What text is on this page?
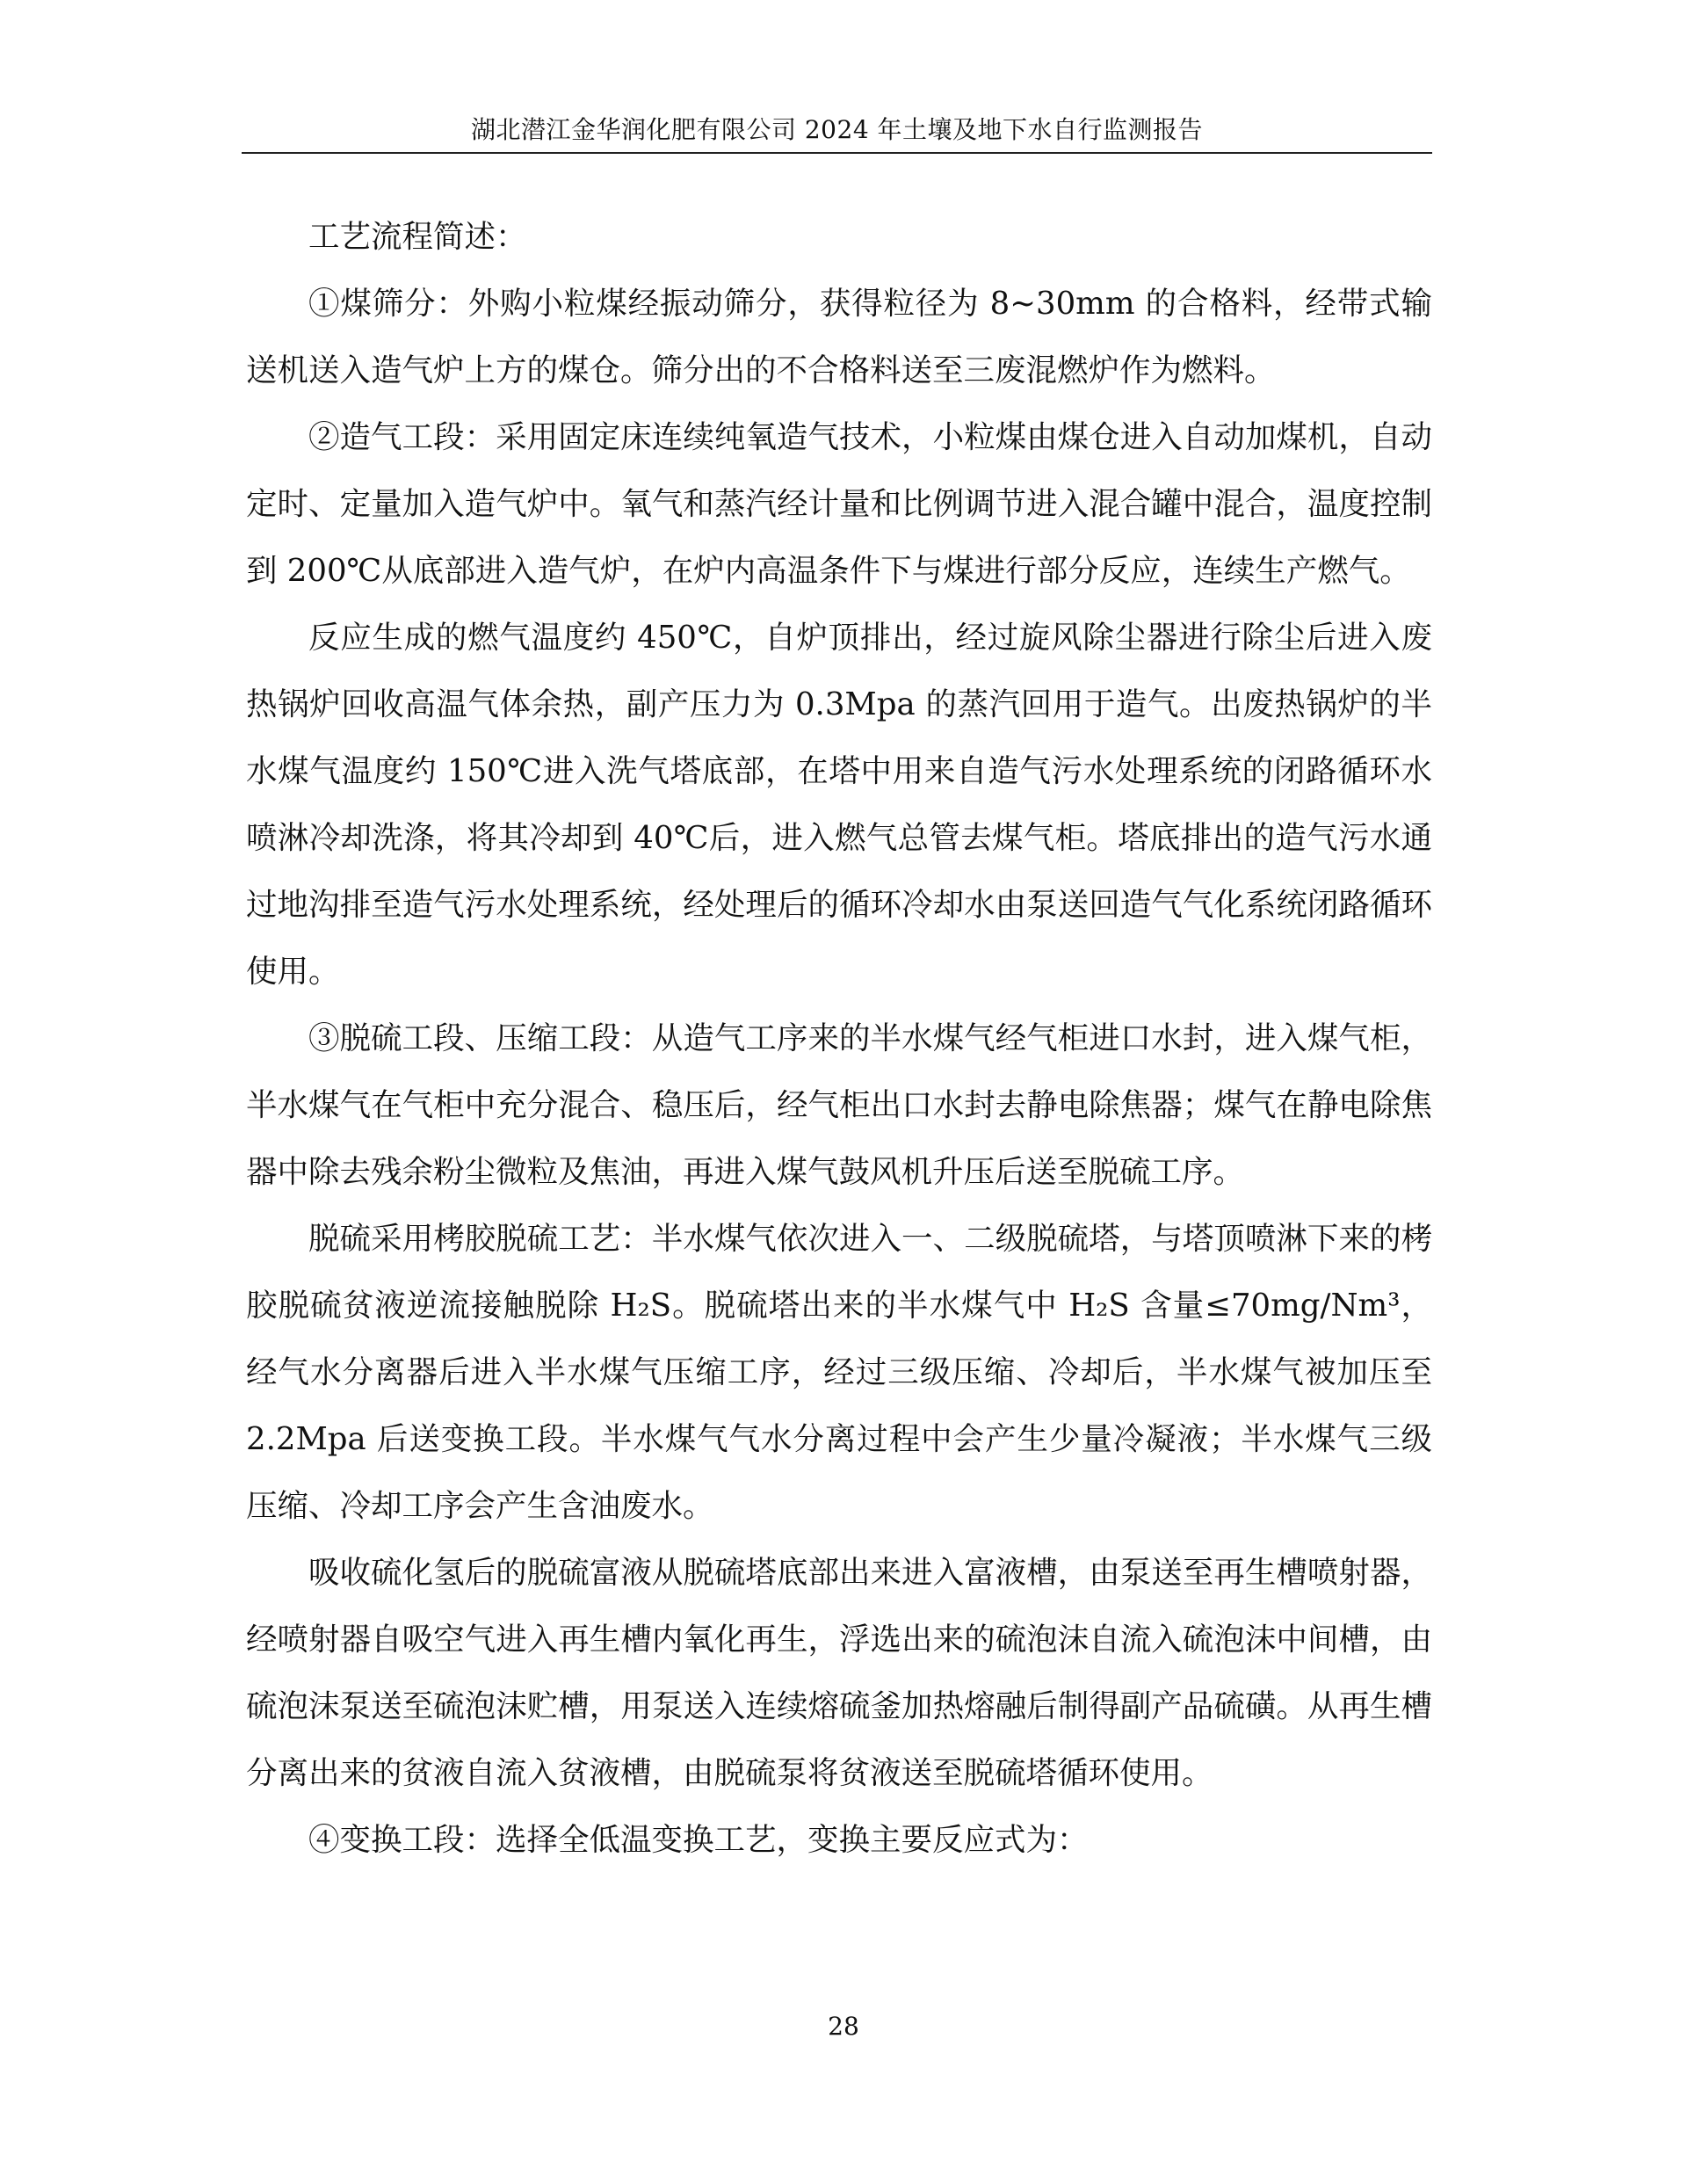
湖北潜江金华润化肥有限公司 2024 年土壤及地下水自行监测报告

工艺流程简述：

①煤筛分：外购小粒煤经振动筛分，获得粒径为 8~30mm 的合格料，经带式输送机送入造气炉上方的煤仓。筛分出的不合格料送至三废混燃炉作为燃料。

②造气工段：采用固定床连续纯氧造气技术，小粒煤由煤仓进入自动加煤机，自动定时、定量加入造气炉中。氧气和蒸汽经计量和比例调节进入混合罐中混合，温度控制到 200℃从底部进入造气炉，在炉内高温条件下与煤进行部分反应，连续生产燃气。

反应生成的燃气温度约 450℃，自炉顶排出，经过旋风除尘器进行除尘后进入废热锅炉回收高温气体余热，副产压力为 0.3Mpa 的蒸汽回用于造气。出废热锅炉的半水煤气温度约 150℃进入洗气塔底部，在塔中用来自造气污水处理系统的闭路循环水喷淋冷却洗涤，将其冷却到 40℃后，进入燃气总管去煤气柜。塔底排出的造气污水通过地沟排至造气污水处理系统，经处理后的循环冷却水由泵送回造气气化系统闭路循环使用。

③脱硫工段、压缩工段：从造气工序来的半水煤气经气柜进口水封，进入煤气柜，半水煤气在气柜中充分混合、稳压后，经气柜出口水封去静电除焦器；煤气在静电除焦器中除去残余粉尘微粒及焦油，再进入煤气鼓风机升压后送至脱硫工序。

脱硫采用栲胶脱硫工艺：半水煤气依次进入一、二级脱硫塔，与塔顶喷淋下来的栲胶脱硫贫液逆流接触脱除 H₂S。脱硫塔出来的半水煤气中 H₂S 含量≤70mg/Nm³，经气水分离器后进入半水煤气压缩工序，经过三级压缩、冷却后，半水煤气被加压至 2.2Mpa 后送变换工段。半水煤气气水分离过程中会产生少量冷凝液；半水煤气三级压缩、冷却工序会产生含油废水。

吸收硫化氢后的脱硫富液从脱硫塔底部出来进入富液槽，由泵送至再生槽喷射器，经喷射器自吸空气进入再生槽内氧化再生，浮选出来的硫泡沫自流入硫泡沫中间槽，由硫泡沫泵送至硫泡沫贮槽，用泵送入连续熔硫釜加热熔融后制得副产品硫磺。从再生槽分离出来的贫液自流入贫液槽，由脱硫泵将贫液送至脱硫塔循环使用。

④变换工段：选择全低温变换工艺，变换主要反应式为：

28
